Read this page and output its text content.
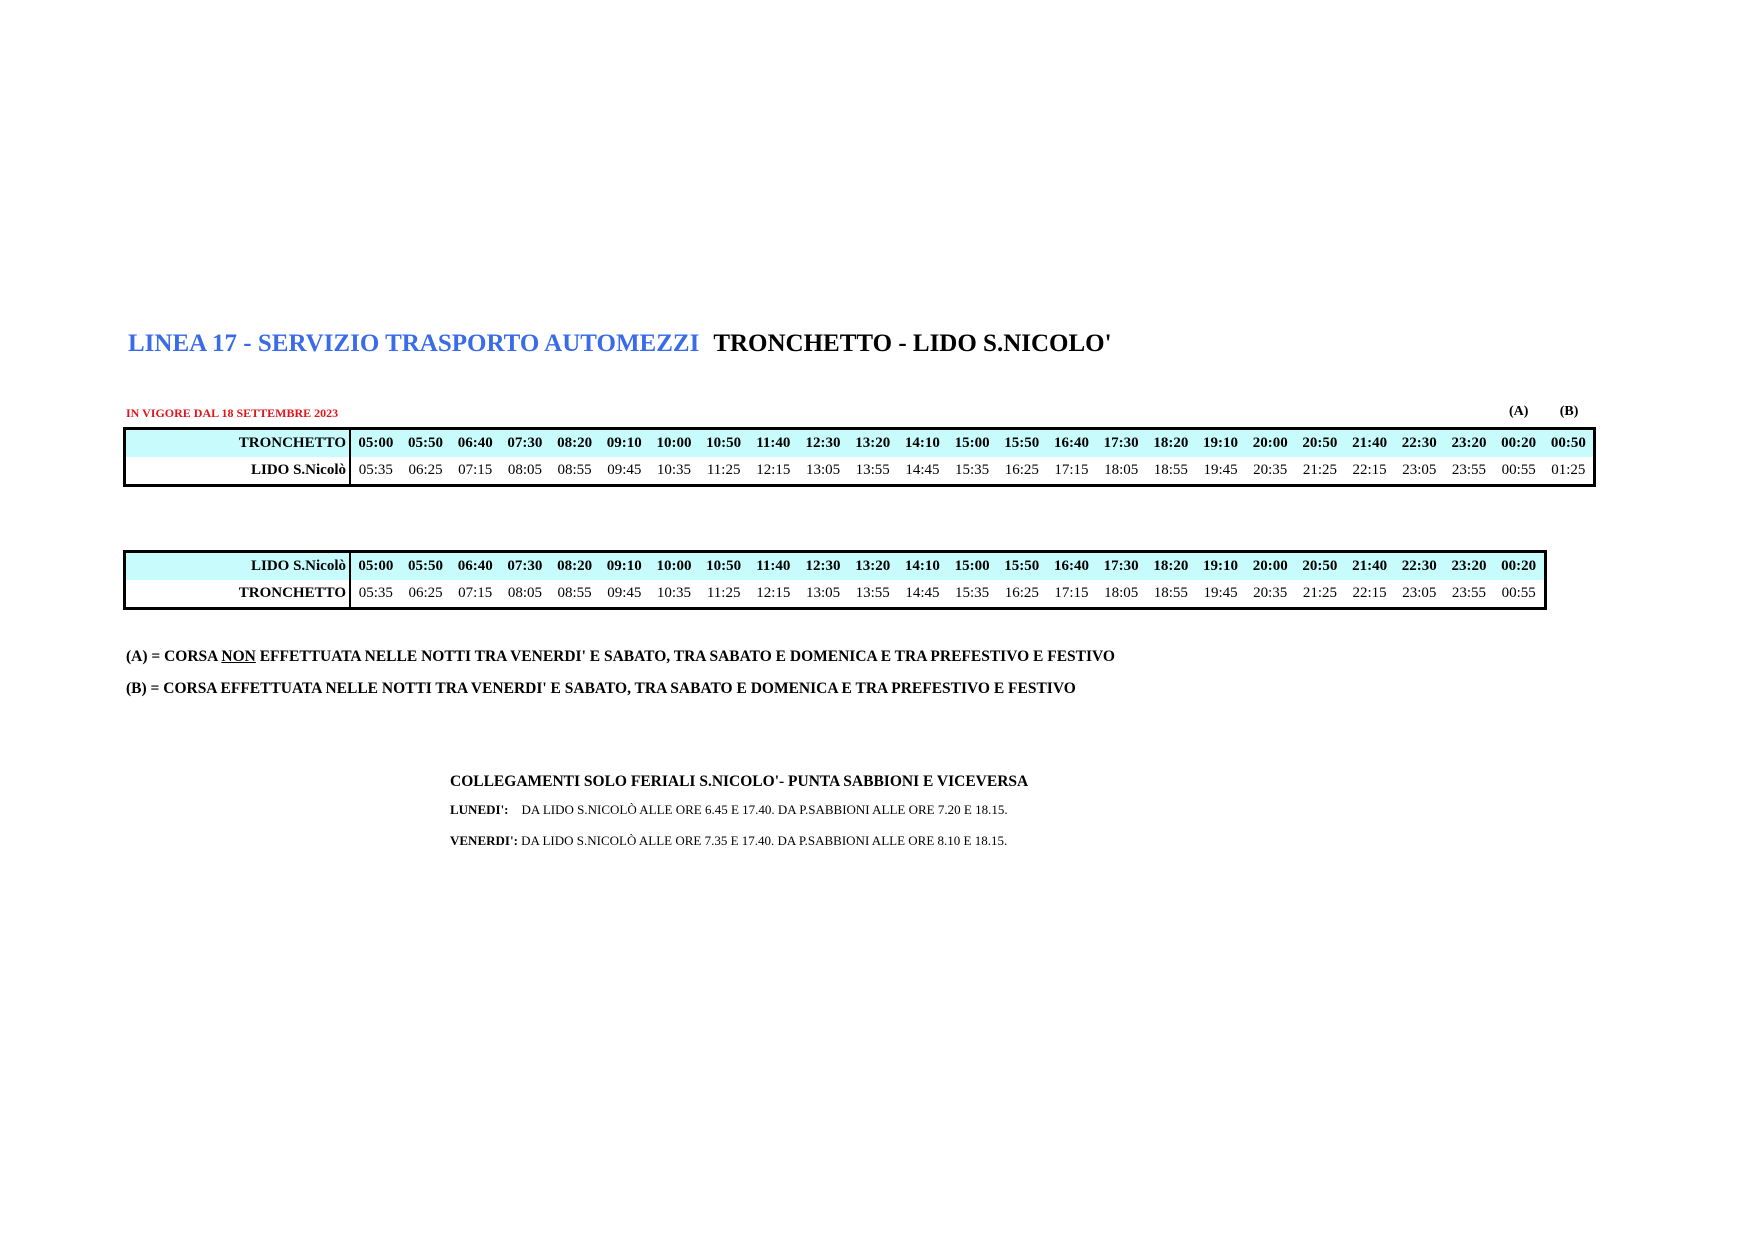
LINEA 17 - SERVIZIO TRASPORTO AUTOMEZZI TRONCHETTO - LIDO S.NICOLO'
IN VIGORE DAL 18 SETTEMBRE 2023	(A) (B)
TRONCHETTO	05:00	05:50	06:40	07:30	08:20	09:10	10:00	10:50	11:40	12:30	13:20	14:10	15:00	15:50	16:40	17:30	18:20	19:10	20:00	20:50	21:40	22:30	23:20	00:20	00:50
LIDO S.Nicolò	05:35	06:25	07:15	08:05	08:55	09:45	10:35	11:25	12:15	13:05	13:55	14:45	15:35	16:25	17:15	18:05	18:55	19:45	20:35	21:25	22:15	23:05	23:55	00:55	01:25
LIDO S.Nicolò	05:00	05:50	06:40	07:30	08:20	09:10	10:00	10:50	11:40	12:30	13:20	14:10	15:00	15:50	16:40	17:30	18:20	19:10	20:00	20:50	21:40	22:30	23:20	00:20
TRONCHETTO	05:35	06:25	07:15	08:05	08:55	09:45	10:35	11:25	12:15	13:05	13:55	14:45	15:35	16:25	17:15	18:05	18:55	19:45	20:35	21:25	22:15	23:05	23:55	00:55
(A) = CORSA NON EFFETTUATA NELLE NOTTI TRA VENERDI' E SABATO, TRA SABATO E DOMENICA E TRA PREFESTIVO E FESTIVO
(B) = CORSA EFFETTUATA NELLE NOTTI TRA VENERDI' E SABATO, TRA SABATO E DOMENICA E TRA PREFESTIVO E FESTIVO
COLLEGAMENTI SOLO FERIALI S.NICOLO'- PUNTA SABBIONI E VICEVERSA
LUNEDI': DA LIDO S.NICOLÒ ALLE ORE 6.45 E 17.40. DA P.SABBIONI ALLE ORE 7.20 E 18.15.
VENERDI': DA LIDO S.NICOLÒ ALLE ORE 7.35 E 17.40. DA P.SABBIONI ALLE ORE 8.10 E 18.15.
